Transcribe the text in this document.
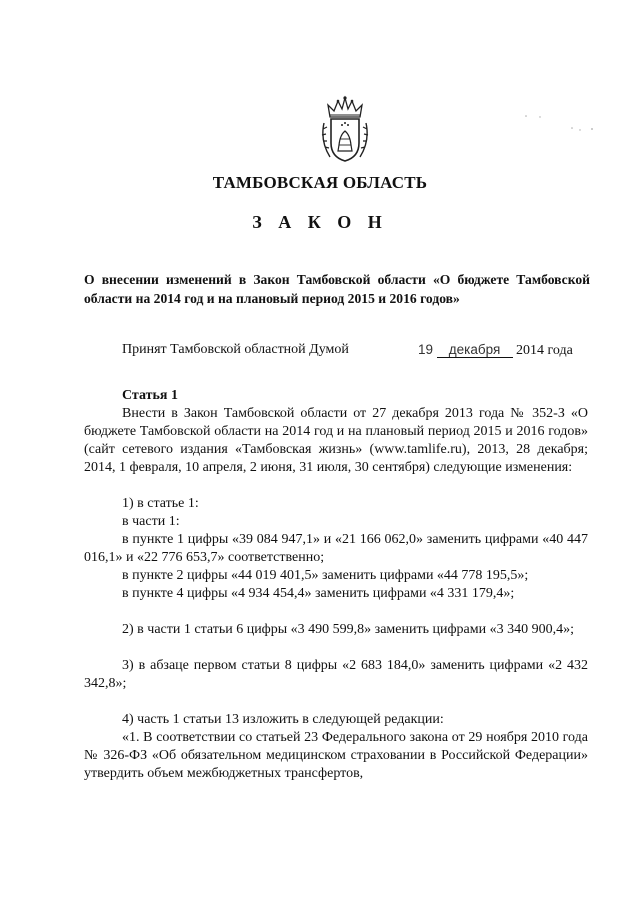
ТАМБОВСКАЯ ОБЛАСТЬ
З А К О Н
О внесении изменений в Закон Тамбовской области «О бюджете Тамбовской области на 2014 год и на плановый период 2015 и 2016 годов»
Принят Тамбовской областной Думой	19 декабря 2014 года
Статья 1

Внести в Закон Тамбовской области от 27 декабря 2013 года № 352-З «О бюджете Тамбовской области на 2014 год и на плановый период 2015 и 2016 годов» (сайт сетевого издания «Тамбовская жизнь» (www.tamlife.ru), 2013, 28 декабря; 2014, 1 февраля, 10 апреля, 2 июня, 31 июля, 30 сентября) следующие изменения:

1) в статье 1:

в части 1:

в пункте 1 цифры «39 084 947,1» и «21 166 062,0» заменить цифрами «40 447 016,1» и «22 776 653,7» соответственно;

в пункте 2 цифры «44 019 401,5» заменить цифрами «44 778 195,5»;

в пункте 4 цифры «4 934 454,4» заменить цифрами «4 331 179,4»;

2) в части 1 статьи 6 цифры «3 490 599,8» заменить цифрами «3 340 900,4»;

3) в абзаце первом статьи 8 цифры «2 683 184,0» заменить цифрами «2 432 342,8»;

4) часть 1 статьи 13 изложить в следующей редакции:

«1. В соответствии со статьей 23 Федерального закона от 29 ноября 2010 года № 326-ФЗ «Об обязательном медицинском страховании в Российской Федерации» утвердить объем межбюджетных трансфертов,
